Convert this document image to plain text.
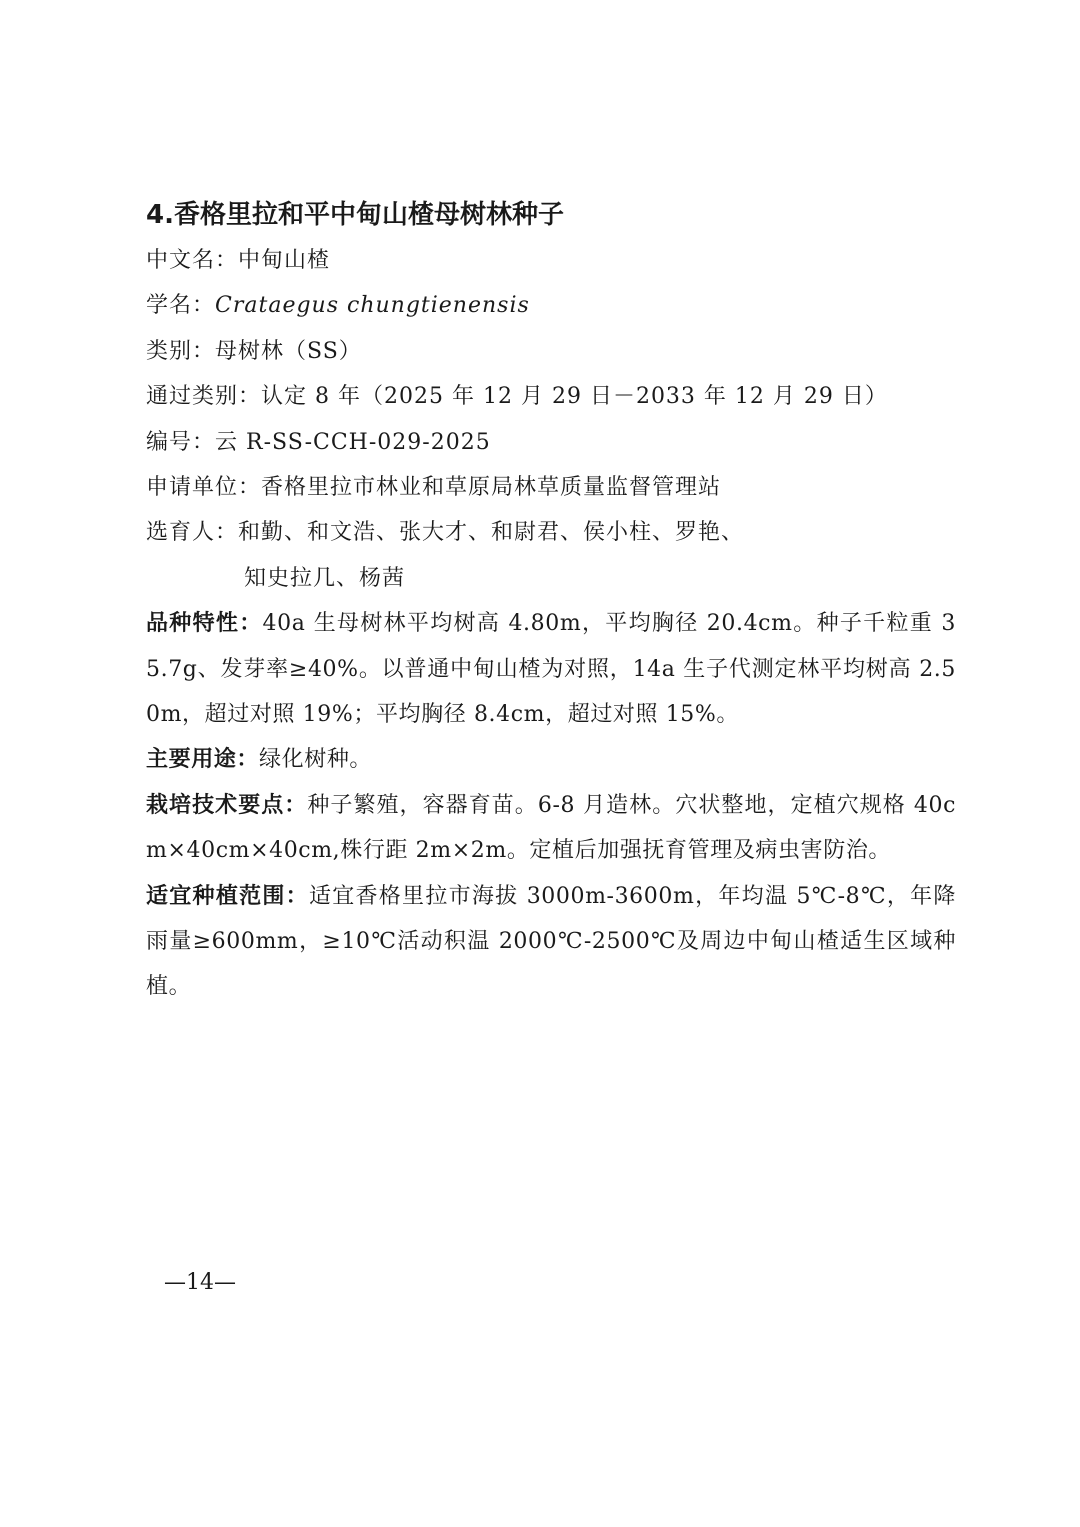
4.香格里拉和平中甸山楂母树林种子
中文名：中甸山楂
学名：Crataegus chungtienensis
类别：母树林（SS）
通过类别：认定 8 年（2025 年 12 月 29 日－2033 年 12 月 29 日）
编号：云 R-SS-CCH-029-2025
申请单位：香格里拉市林业和草原局林草质量监督管理站
选育人：和勤、和文浩、张大才、和尉君、侯小柱、罗艳、
知史拉几、杨茜
品种特性：40a 生母树林平均树高 4.80m，平均胸径 20.4cm。种子千粒重 35.7g、发芽率≥40%。以普通中甸山楂为对照，14a 生子代测定林平均树高 2.50m，超过对照 19%；平均胸径 8.4cm，超过对照 15%。
主要用途：绿化树种。
栽培技术要点：种子繁殖，容器育苗。6-8 月造林。穴状整地，定植穴规格 40cm×40cm×40cm,株行距 2m×2m。定植后加强抚育管理及病虫害防治。
适宜种植范围：适宜香格里拉市海拔 3000m-3600m，年均温 5℃-8℃，年降雨量≥600mm，≥10℃活动积温 2000℃-2500℃及周边中甸山楂适生区域种植。
—14—
